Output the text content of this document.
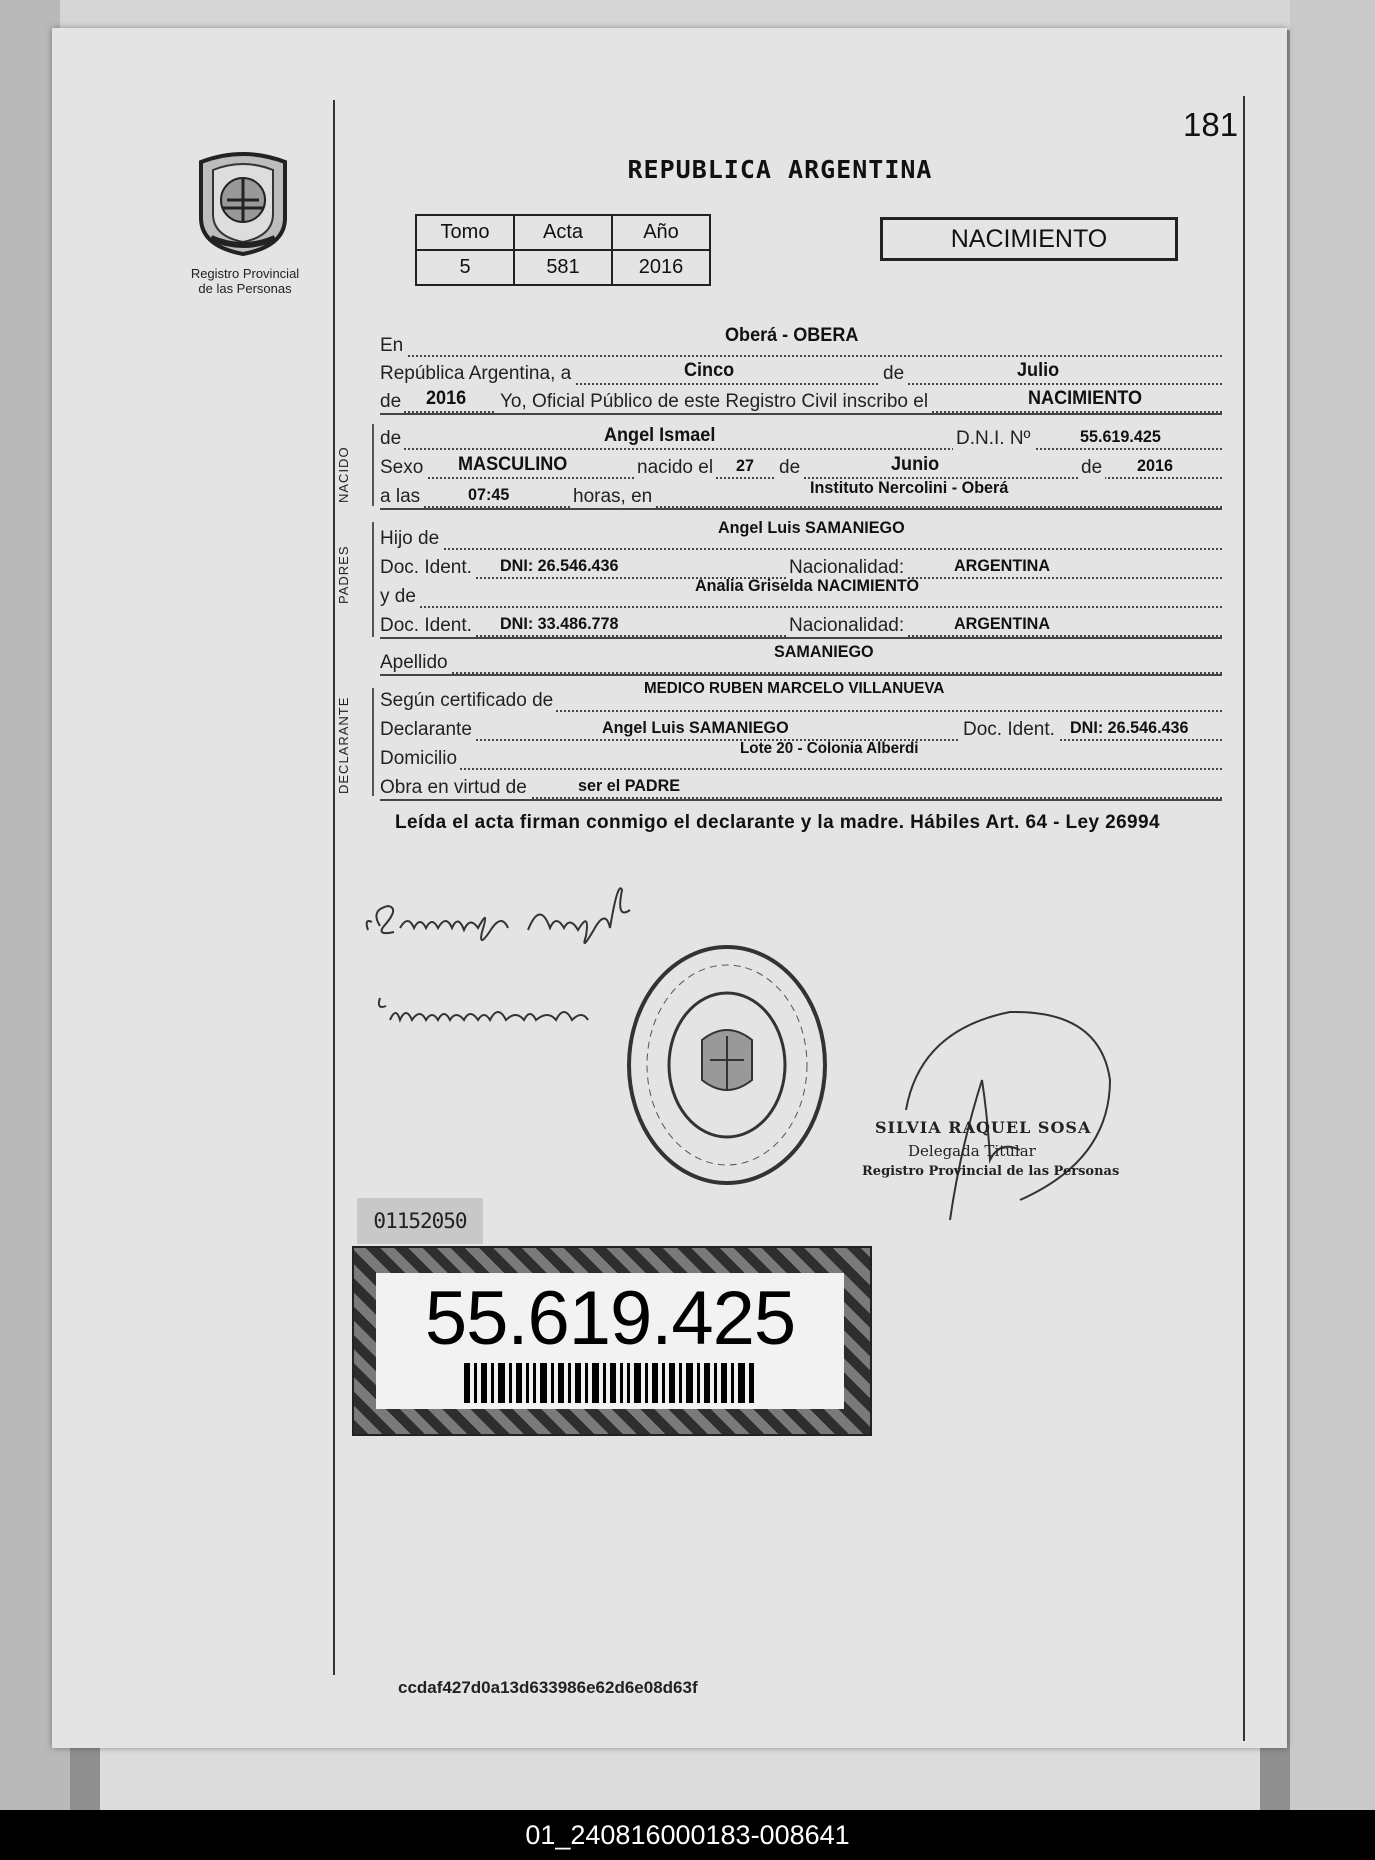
181
Registro Provincial
de las Personas
REPUBLICA ARGENTINA
Tomo	Acta	Año
5	581	2016
NACIMIENTO
En	Oberá - OBERA
República Argentina, a	Cinco	de	Julio
de 2016 Yo, Oficial Público de este Registro Civil inscribo el	NACIMIENTO
NACIDO
de	Angel Ismael	D.N.I. Nº	55.619.425
Sexo MASCULINO	nacido el 27 de	Junio	de 2016
a las	07:45	horas, en	Instituto Nercolini - Oberá
PADRES
Hijo de
Angel Luis SAMANIEGO
Doc. Ident. DNI: 26.546.436	Nacionalidad:	ARGENTINA
y de
Analia Griselda NACIMIENTO
Doc. Ident. DNI: 33.486.778	Nacionalidad:	ARGENTINA
Apellido
SAMANIEGO
DECLARANTE	Según certificado de
MEDICO RUBEN MARCELO VILLANUEVA
Declarante	Angel Luis SAMANIEGO	Doc. Ident. DNI: 26.546.436
Domicilio	Lote 20 - Colonia Alberdi
Obra en virtud de	ser el PADRE
Leída el acta firman conmigo el declarante y la madre. Hábiles Art. 64 - Ley 26994
SILVIA RAQUEL SOSA
Delegada Titular
Registro Provincial de las Personas
01152050
55.619.425
ccdaf427d0a13d633986e62d6e08d63f
01_240816000183-008641
